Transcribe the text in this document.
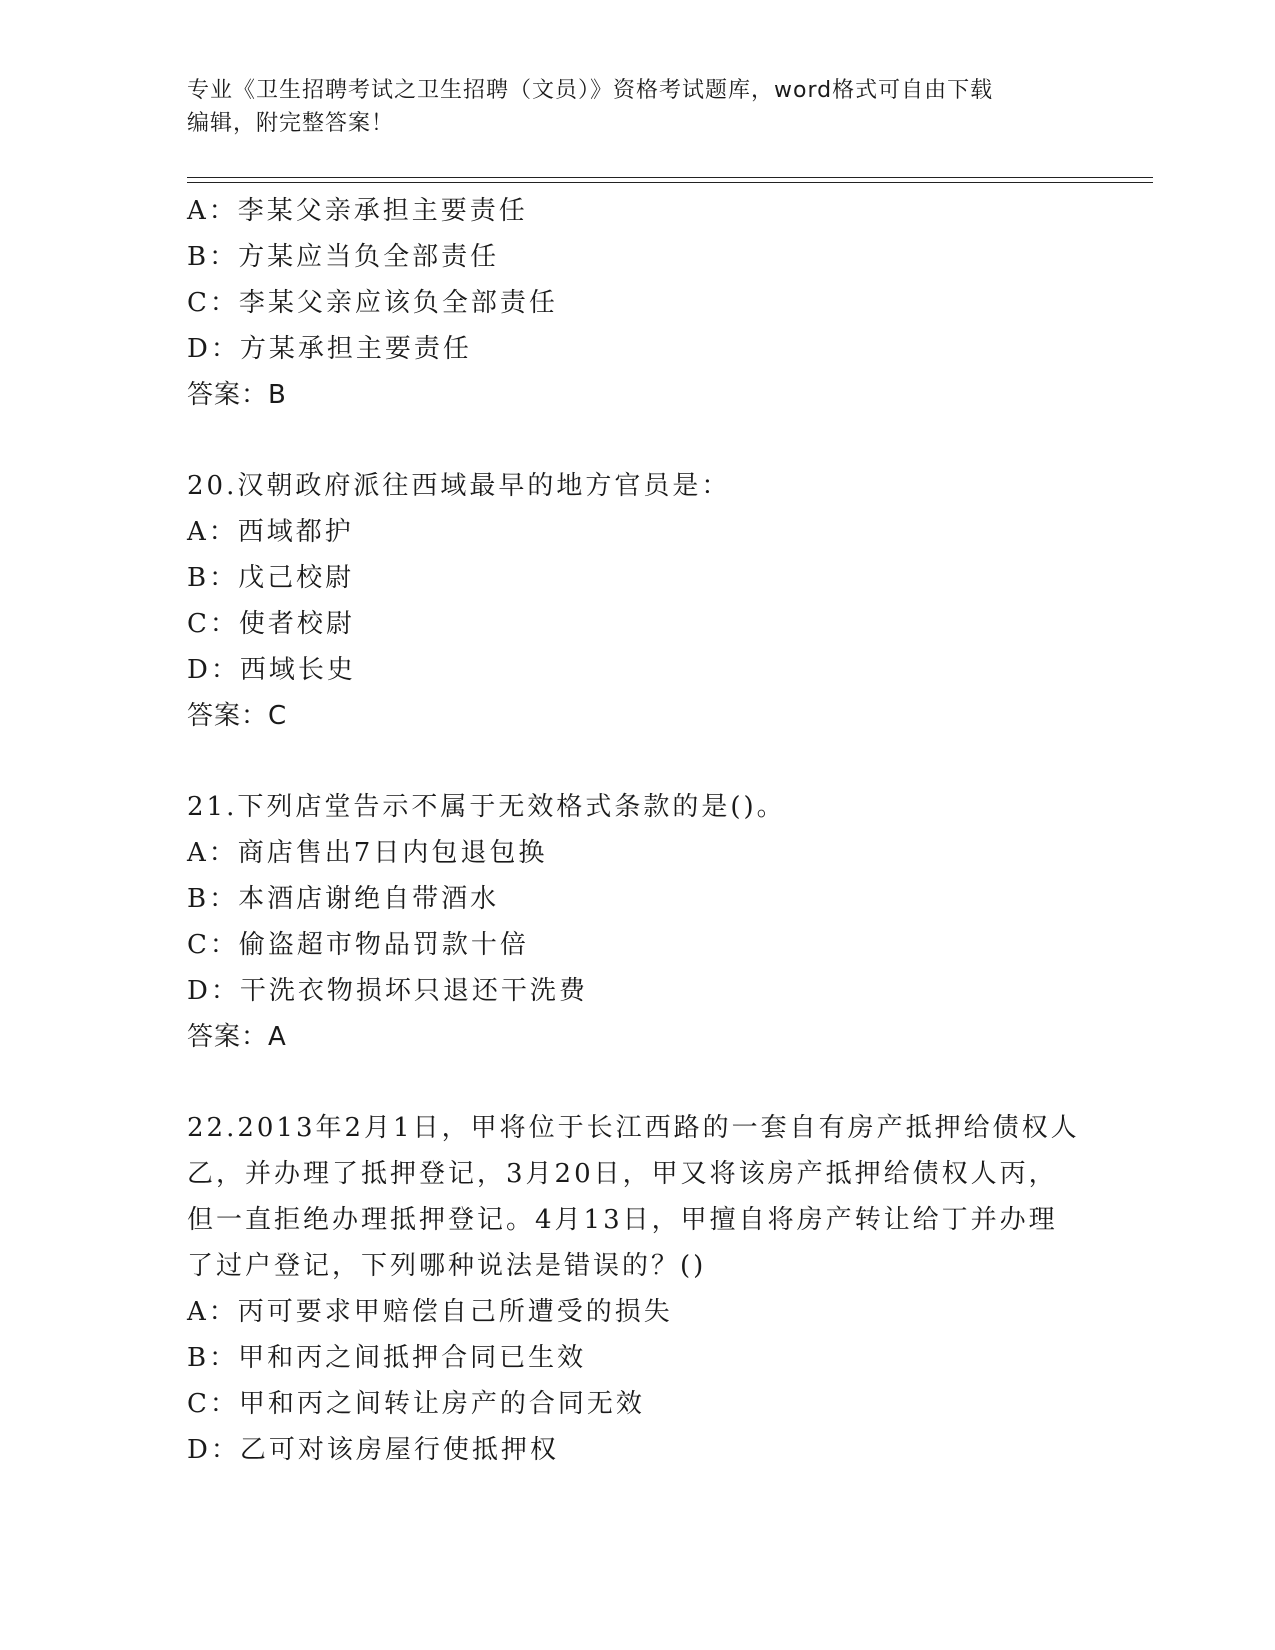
专业《卫生招聘考试之卫生招聘（文员）》资格考试题库，word格式可自由下载
编辑，附完整答案！
A：李某父亲承担主要责任
B：方某应当负全部责任
C：李某父亲应该负全部责任
D：方某承担主要责任
答案：B
20.汉朝政府派往西域最早的地方官员是：
A：西域都护
B：戊己校尉
C：使者校尉
D：西域长史
答案：C
21.下列店堂告示不属于无效格式条款的是()。
A：商店售出7日内包退包换
B：本酒店谢绝自带酒水
C：偷盗超市物品罚款十倍
D：干洗衣物损坏只退还干洗费
答案：A
22.2013年2月1日，甲将位于长江西路的一套自有房产抵押给债权人
乙，并办理了抵押登记，3月20日，甲又将该房产抵押给债权人丙，
但一直拒绝办理抵押登记。4月13日，甲擅自将房产转让给丁并办理
了过户登记，下列哪种说法是错误的？()
A：丙可要求甲赔偿自己所遭受的损失
B：甲和丙之间抵押合同已生效
C：甲和丙之间转让房产的合同无效
D：乙可对该房屋行使抵押权
